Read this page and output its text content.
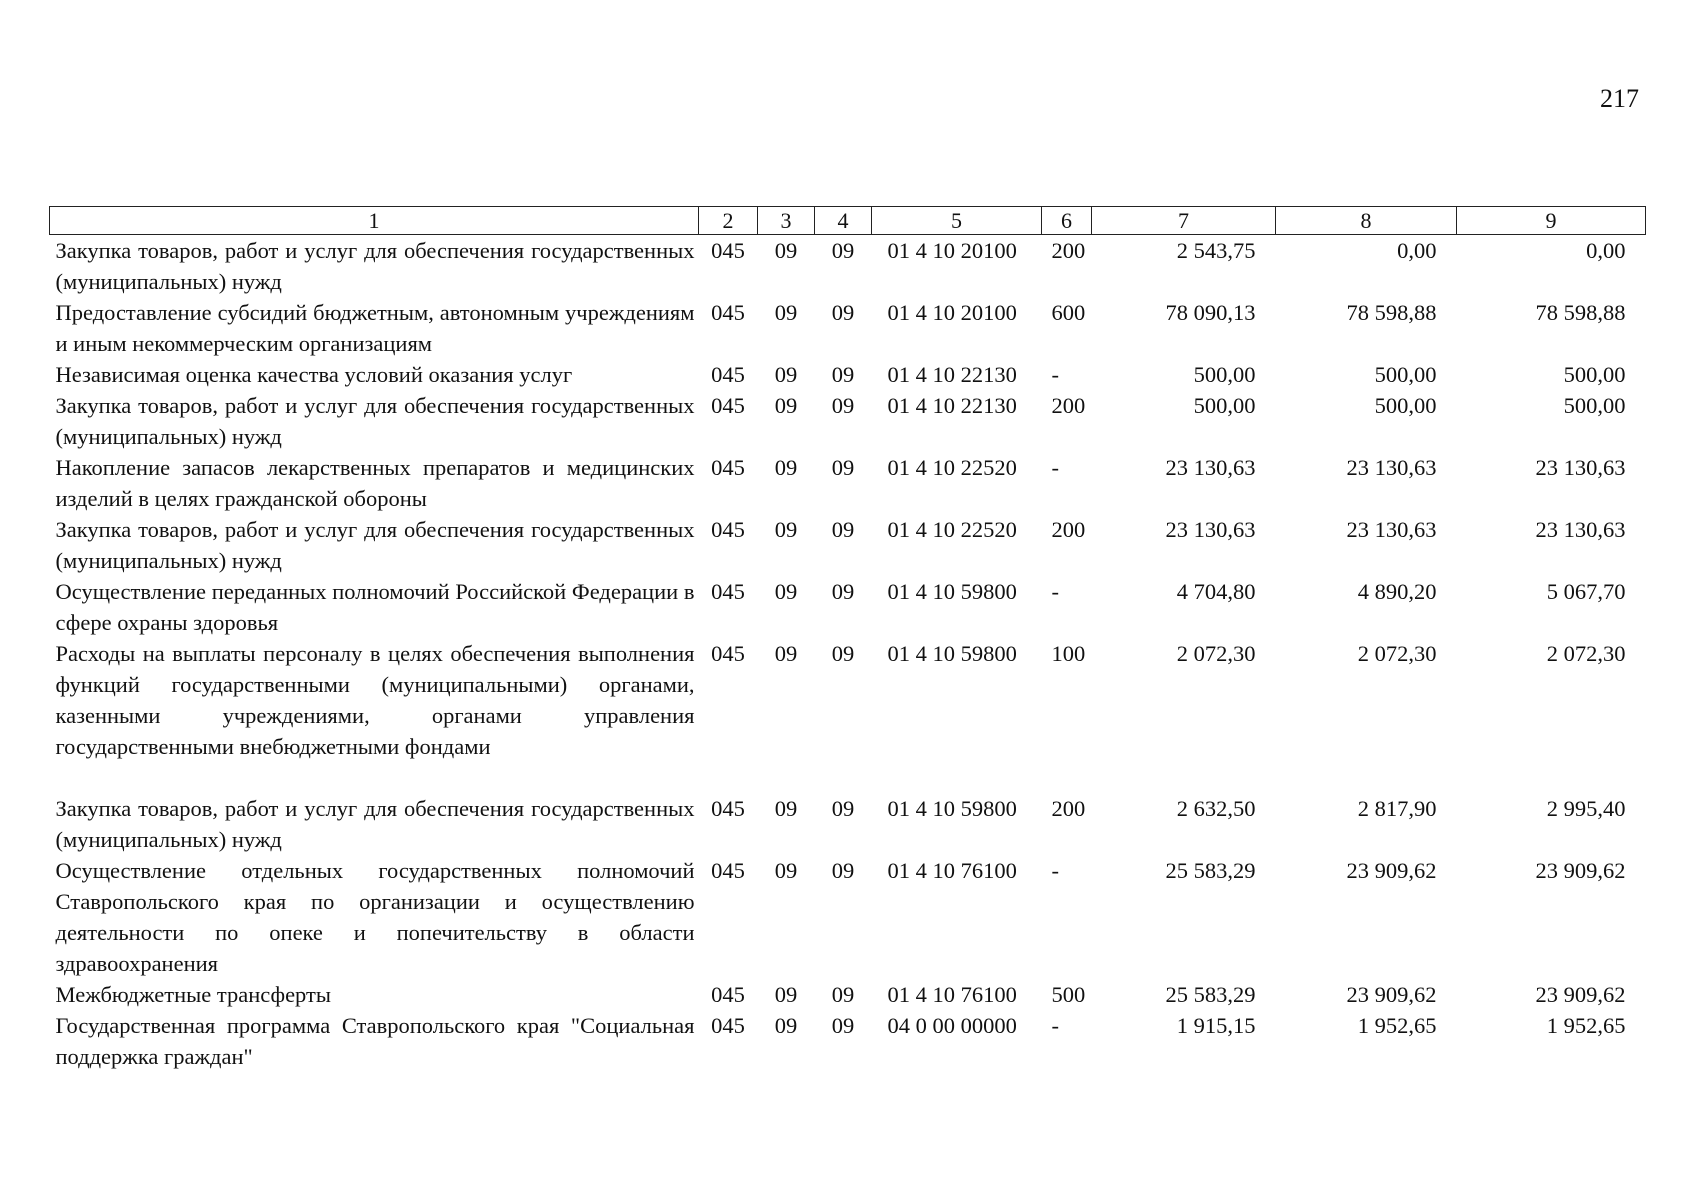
217
1	2	3	4	5	6	7	8	9
Закупка товаров, работ и услуг для обеспечения государственных (муниципальных) нужд	045	09	09	01 4 10 20100	200	2 543,75	0,00	0,00
Предоставление субсидий бюджетным, автономным учреждениям и иным некоммерческим организациям	045	09	09	01 4 10 20100	600	78 090,13	78 598,88	78 598,88
Независимая оценка качества условий оказания услуг	045	09	09	01 4 10 22130	-	500,00	500,00	500,00
Закупка товаров, работ и услуг для обеспечения государственных (муниципальных) нужд	045	09	09	01 4 10 22130	200	500,00	500,00	500,00
Накопление запасов лекарственных препаратов и медицинских изделий в целях гражданской обороны	045	09	09	01 4 10 22520	-	23 130,63	23 130,63	23 130,63
Закупка товаров, работ и услуг для обеспечения государственных (муниципальных) нужд	045	09	09	01 4 10 22520	200	23 130,63	23 130,63	23 130,63
Осуществление переданных полномочий Российской Федерации в сфере охраны здоровья	045	09	09	01 4 10 59800	-	4 704,80	4 890,20	5 067,70
Расходы на выплаты персоналу в целях обеспечения выполнения функций государственными (муниципальными) органами, казенными учреждениями, органами управления государственными внебюджетными фондами	045	09	09	01 4 10 59800	100	2 072,30	2 072,30	2 072,30

Закупка товаров, работ и услуг для обеспечения государственных (муниципальных) нужд	045	09	09	01 4 10 59800	200	2 632,50	2 817,90	2 995,40
Осуществление отдельных государственных полномочий Ставропольского края по организации и осуществлению деятельности по опеке и попечительству в области здравоохранения	045	09	09	01 4 10 76100	-	25 583,29	23 909,62	23 909,62
Межбюджетные трансферты	045	09	09	01 4 10 76100	500	25 583,29	23 909,62	23 909,62
Государственная программа Ставропольского края "Социальная поддержка граждан"	045	09	09	04 0 00 00000	-	1 915,15	1 952,65	1 952,65
